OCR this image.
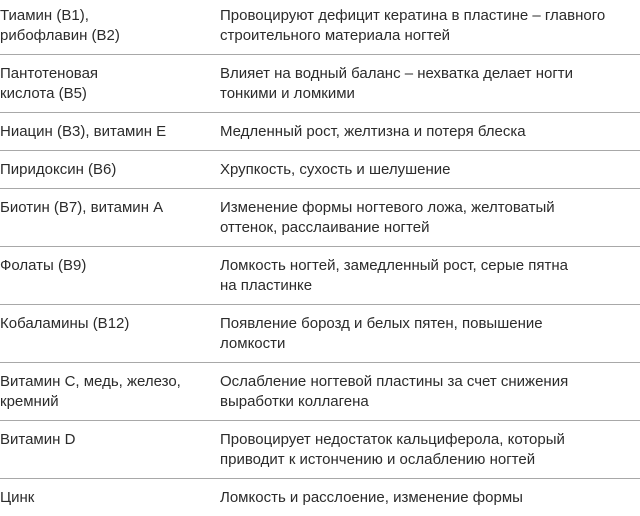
Тиамин (В1),
рибофлавин (В2)	Провоцируют дефицит кератина в пластине – главного
строительного материала ногтей
Пантотеновая
кислота (В5)	Влияет на водный баланс – нехватка делает ногти
тонкими и ломкими
Ниацин (В3), витамин Е	Медленный рост, желтизна и потеря блеска
Пиридоксин (В6)	Хрупкость, сухость и шелушение
Биотин (В7), витамин А	Изменение формы ногтевого ложа, желтоватый
оттенок, расслаивание ногтей
Фолаты (В9)	Ломкость ногтей, замедленный рост, серые пятна
на пластинке
Кобаламины (В12)	Появление борозд и белых пятен, повышение
ломкости
Витамин С, медь, железо,
кремний	Ослабление ногтевой пластины за счет снижения
выработки коллагена
Витамин D	Провоцирует недостаток кальциферола, который
приводит к истончению и ослаблению ногтей
Цинк	Ломкость и расслоение, изменение формы
